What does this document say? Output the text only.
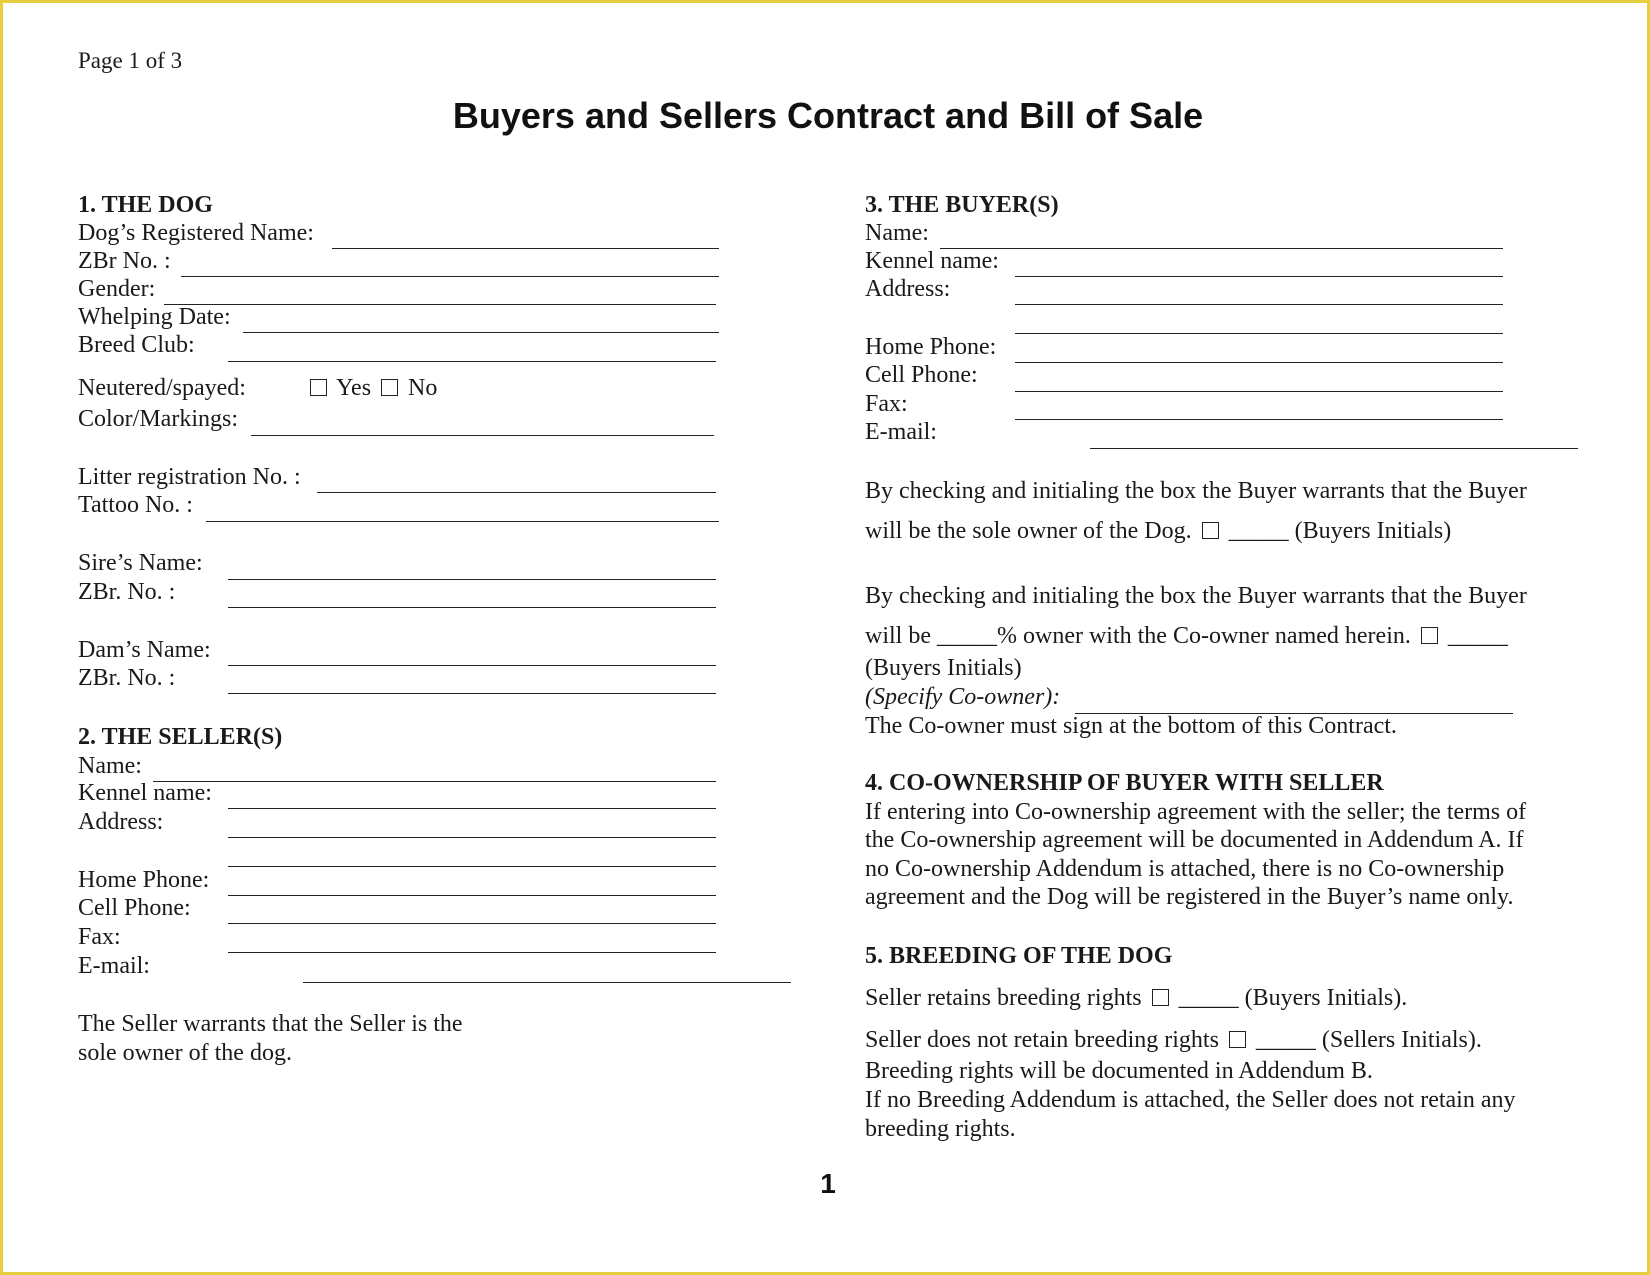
Page 1 of 3
Buyers and Sellers Contract and Bill of Sale
1. THE DOG
Dog’s Registered Name:
ZBr No. :
Gender:
Whelping Date:
Breed Club:
Neutered/spayed:	Yes No
Color/Markings:
Litter registration No. :
Tattoo No. :
Sire’s Name:
ZBr. No. :
Dam’s Name:
ZBr. No. :
2. THE SELLER(S)
Name:
Kennel name:
Address:
Home Phone:
Cell Phone:
Fax:
E-mail:
The Seller warrants that the Seller is the
sole owner of the dog.
3. THE BUYER(S)
Name:
Kennel name:
Address:
Home Phone:
Cell Phone:
Fax:
E-mail:
By checking and initialing the box the Buyer warrants that the Buyer
will be the sole owner of the Dog. _____ (Buyers Initials)
By checking and initialing the box the Buyer warrants that the Buyer
will be _____% owner with the Co-owner named herein. _____
(Buyers Initials)
(Specify Co-owner):
The Co-owner must sign at the bottom of this Contract.
4. CO-OWNERSHIP OF BUYER WITH SELLER
If entering into Co-ownership agreement with the seller; the terms of
the Co-ownership agreement will be documented in Addendum A. If
no Co-ownership Addendum is attached, there is no Co-ownership
agreement and the Dog will be registered in the Buyer’s name only.
5. BREEDING OF THE DOG
Seller retains breeding rights _____ (Buyers Initials).
Seller does not retain breeding rights _____ (Sellers Initials).
Breeding rights will be documented in Addendum B.
If no Breeding Addendum is attached, the Seller does not retain any
breeding rights.
1
